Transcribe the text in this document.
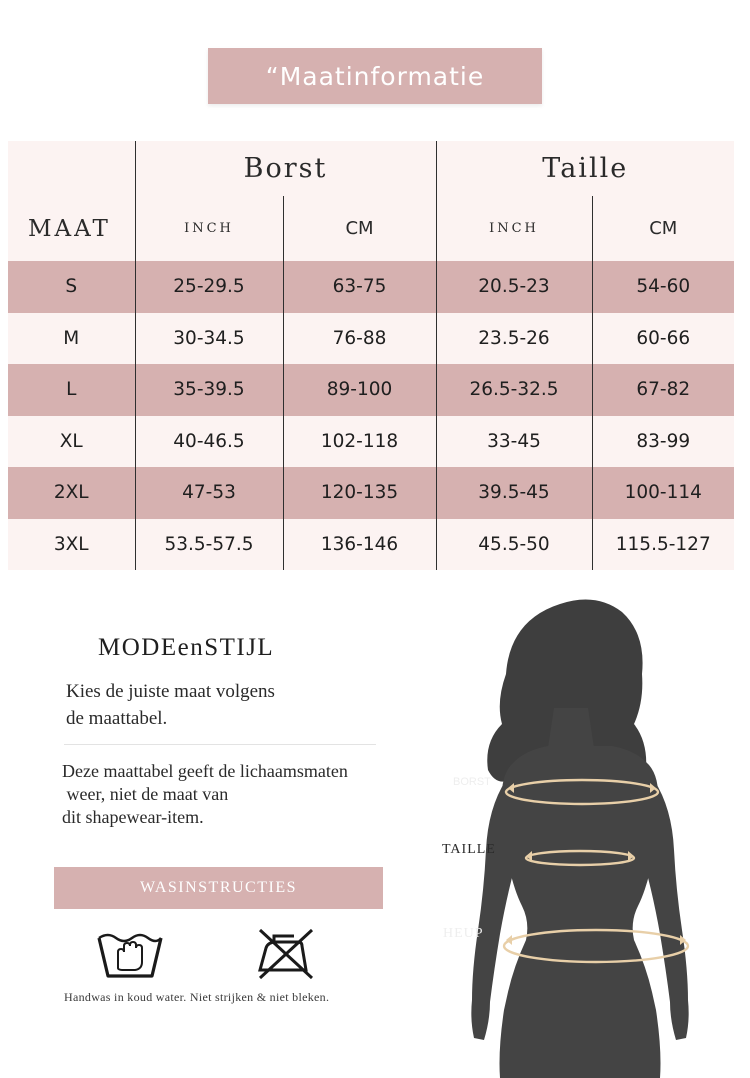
“Maatinformatie
	Borst		Taille	
MAAT	INCH	CM	INCH	CM
S	25-29.5	63-75	20.5-23	54-60
M	30-34.5	76-88	23.5-26	60-66
L	35-39.5	89-100	26.5-32.5	67-82
XL	40-46.5	102-118	33-45	83-99
2XL	47-53	120-135	39.5-45	100-114
3XL	53.5-57.5	136-146	45.5-50	115.5-127
MODEenSTIJL
Kies de juiste maat volgens
de maattabel.
Deze maattabel geeft de lichaamsmaten
weer, niet de maat van
dit shapewear-item.
WASINSTRUCTIES
Handwas in koud water. Niet strijken & niet bleken.
BORST
TAILLE
HEUP
